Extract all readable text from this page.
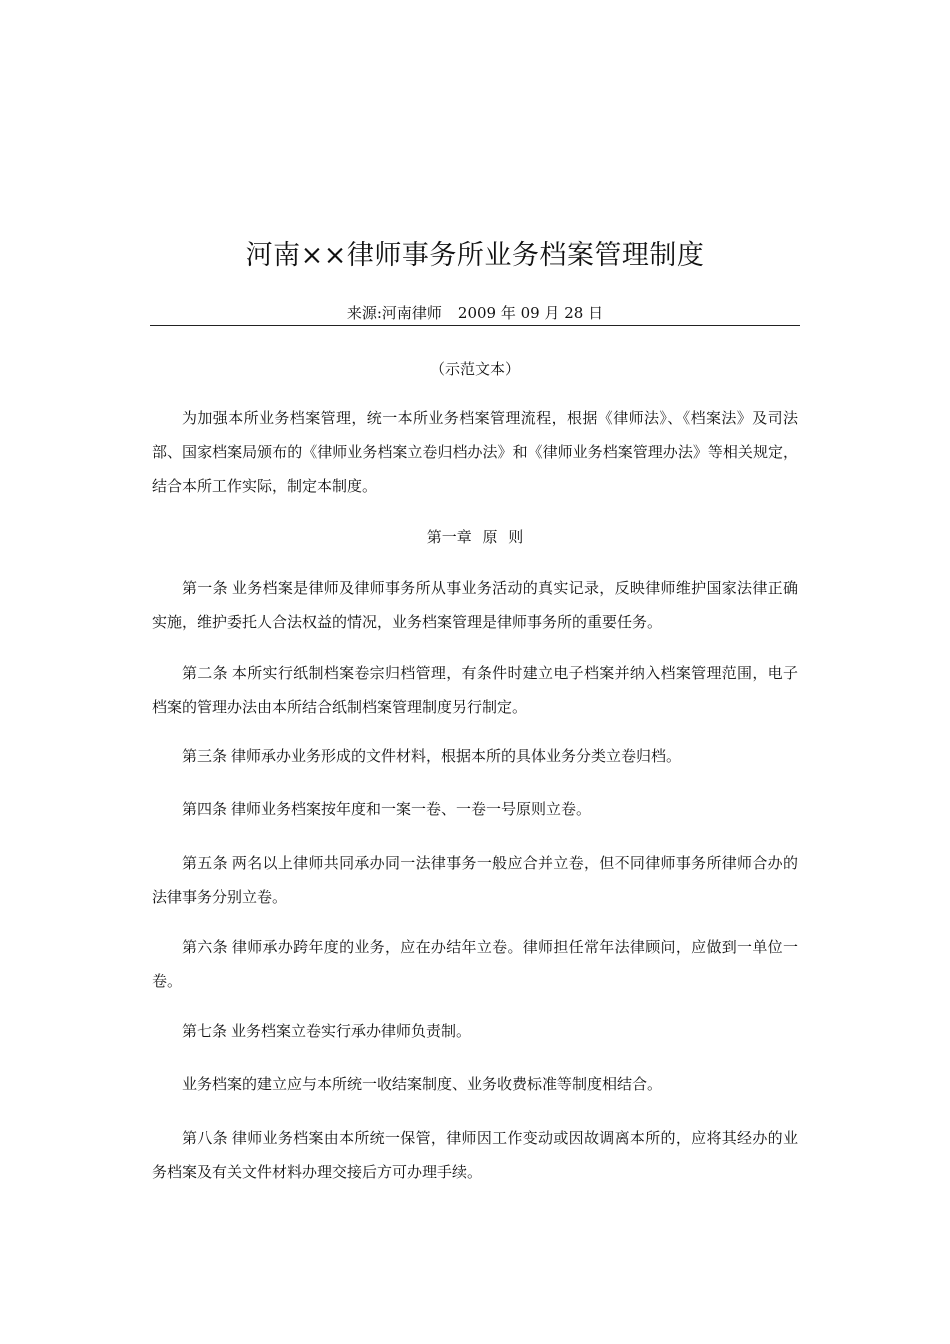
河南××律师事务所业务档案管理制度
来源:河南律师 2009 年 09 月 28 日
（示范文本）

为加强本所业务档案管理，统一本所业务档案管理流程，根据《律师法》、《档案法》及司法部、国家档案局颁布的《律师业务档案立卷归档办法》和《律师业务档案管理办法》等相关规定，结合本所工作实际，制定本制度。

第一章 原 则

第一条 业务档案是律师及律师事务所从事业务活动的真实记录，反映律师维护国家法律正确实施，维护委托人合法权益的情况，业务档案管理是律师事务所的重要任务。

第二条 本所实行纸制档案卷宗归档管理，有条件时建立电子档案并纳入档案管理范围，电子档案的管理办法由本所结合纸制档案管理制度另行制定。

第三条 律师承办业务形成的文件材料，根据本所的具体业务分类立卷归档。

第四条 律师业务档案按年度和一案一卷、一卷一号原则立卷。

第五条 两名以上律师共同承办同一法律事务一般应合并立卷，但不同律师事务所律师合办的法律事务分别立卷。

第六条 律师承办跨年度的业务，应在办结年立卷。律师担任常年法律顾问，应做到一单位一卷。

第七条 业务档案立卷实行承办律师负责制。

业务档案的建立应与本所统一收结案制度、业务收费标准等制度相结合。

第八条 律师业务档案由本所统一保管，律师因工作变动或因故调离本所的，应将其经办的业务档案及有关文件材料办理交接后方可办理手续。
